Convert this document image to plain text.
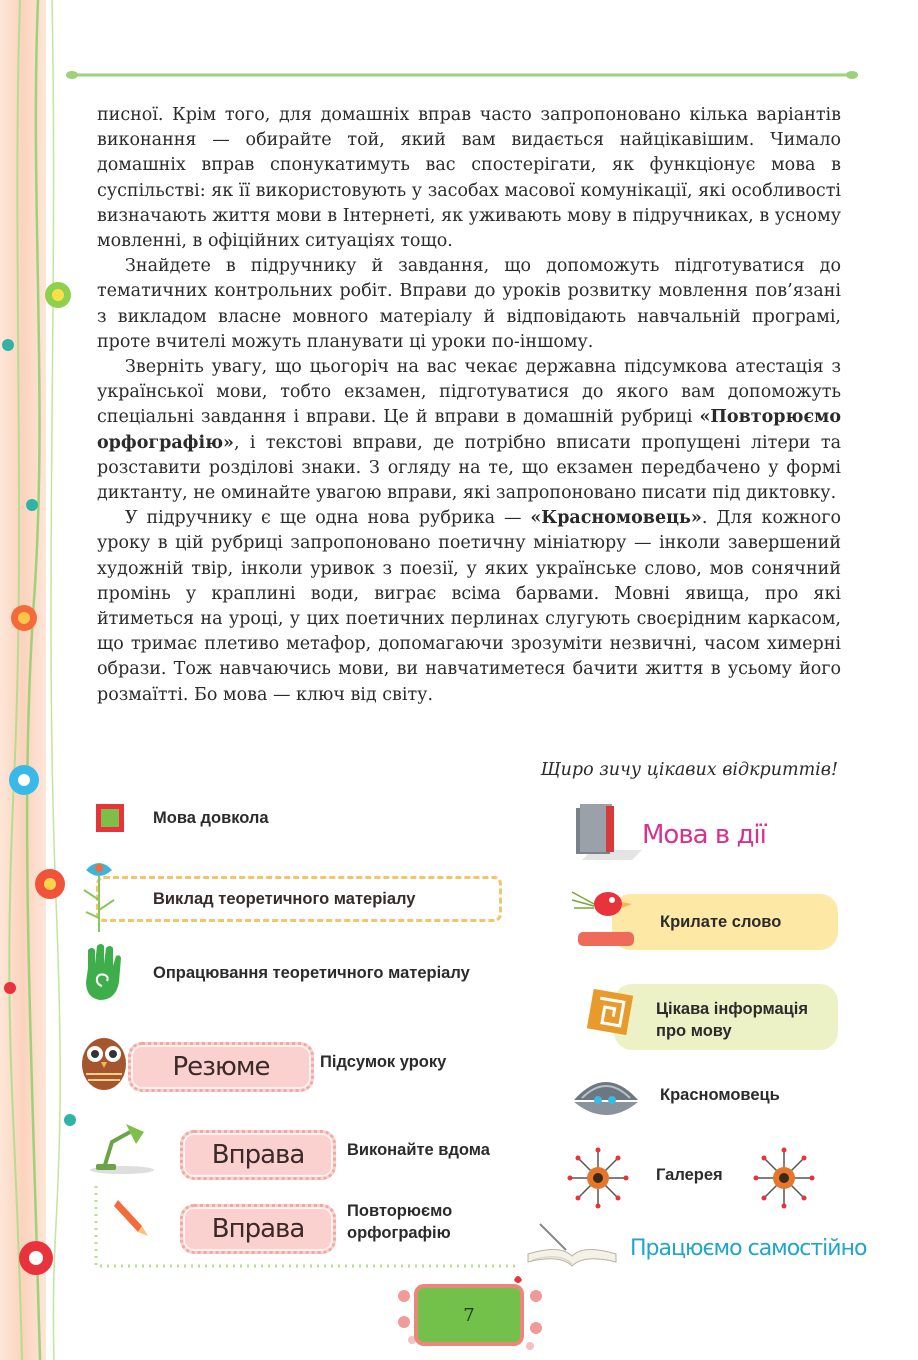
писної. Крім того, для домашніх вправ часто запропоновано кілька варіантів виконання — обирайте той, який вам видається найцікавішим. Чимало домашніх вправ спонукатимуть вас спостерігати, як функціонує мова в суспільстві: як її використовують у засобах масової комунікації, які особливості визначають життя мови в Інтернеті, як уживають мову в підручниках, в усному мовленні, в офіційних ситуаціях тощо.

Знайдете в підручнику й завдання, що допоможуть підготуватися до тематичних контрольних робіт. Вправи до уроків розвитку мовлення пов’язані з викладом власне мовного матеріалу й відповідають навчальній програмі, проте вчителі можуть планувати ці уроки по-іншому.

Зверніть увагу, що цьогоріч на вас чекає державна підсумкова атестація з української мови, тобто екзамен, підготуватися до якого вам допоможуть спеціальні завдання і вправи. Це й вправи в домашній рубриці «Повторюємо орфографію», і текстові вправи, де потрібно вписати пропущені літери та розставити розділові знаки. З огляду на те, що екзамен передбачено у формі диктанту, не оминайте увагою вправи, які запропоновано писати під диктовку.

У підручнику є ще одна нова рубрика — «Красномовець». Для кожного уроку в цій рубриці запропоновано поетичну мініатюру — інколи завершений художній твір, інколи уривок з поезії, у яких українське слово, мов сонячний промінь у краплині води, виграє всіма барвами. Мовні явища, про які йтиметься на уроці, у цих поетичних перлинах слугують своєрідним каркасом, що тримає плетиво метафор, допомагаючи зрозуміти незвичні, часом химерні образи. Тож навчаючись мови, ви навчатиметеся бачити життя в усьому його розмаїтті. Бо мова — ключ від світу.

Щиро зичу цікавих відкриттів!
Мова довкола
Виклад теоретичного матеріалу
Опрацювання теоретичного матеріалу
Резюме	Підсумок уроку
Вправа	Виконайте вдома
Вправа
Повторюємо
орфографію
Мова в дії
Крилате слово
Цікава інформація
про мову
Красномовець
Галерея
Працюємо самостійно
7
